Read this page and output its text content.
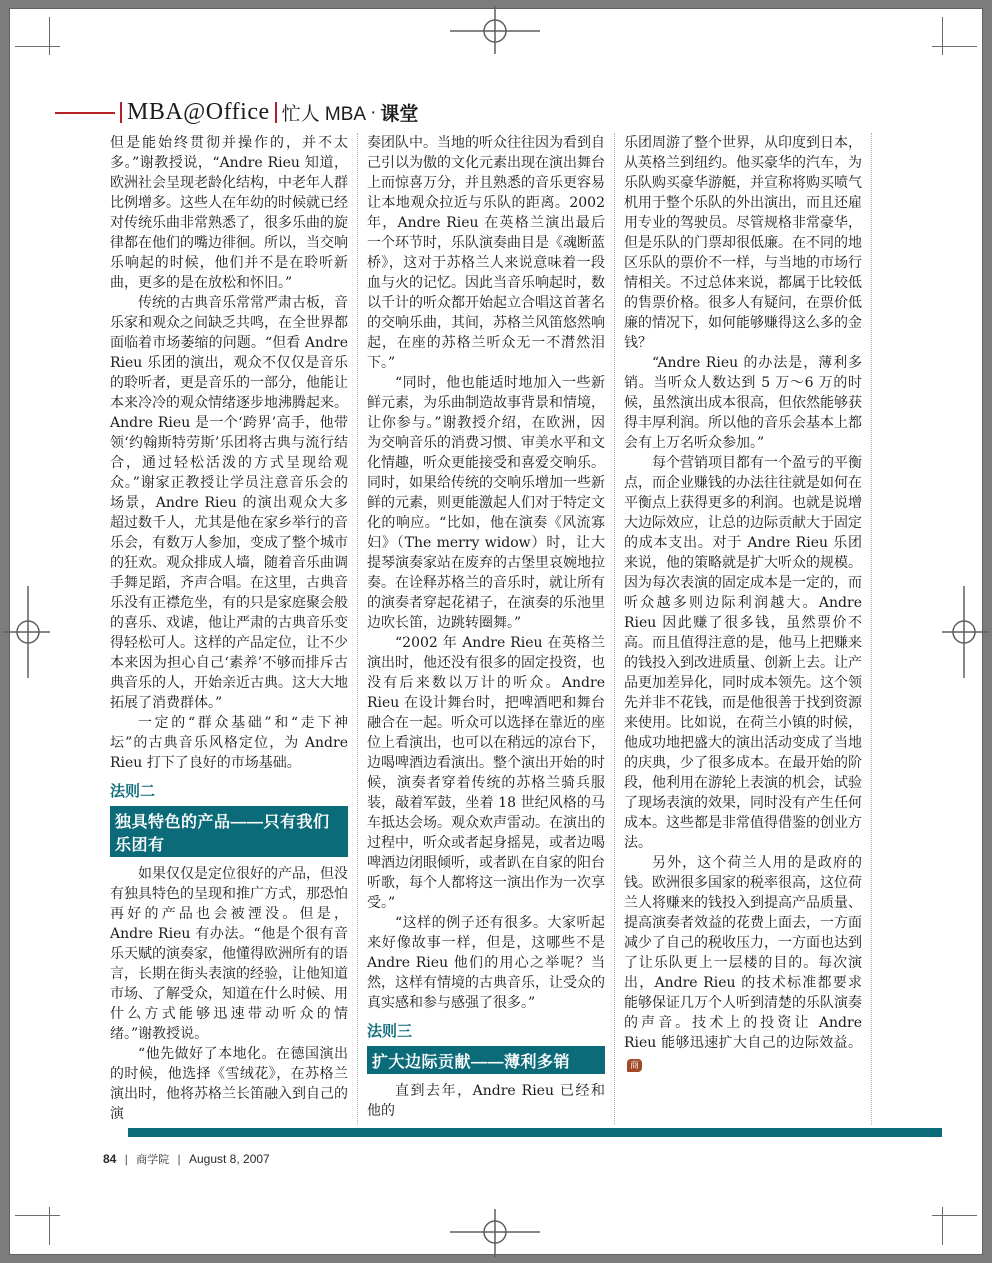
MBA@Office 忙人 MBA · 课堂
但是能始终贯彻并操作的，并不太多。”谢教授说，“Andre Rieu 知道，欧洲社会呈现老龄化结构，中老年人群比例增多。这些人在年幼的时候就已经对传统乐曲非常熟悉了，很多乐曲的旋律都在他们的嘴边徘徊。所以，当交响乐响起的时候，他们并不是在聆听新曲，更多的是在放松和怀旧。”
传统的古典音乐常常严肃古板，音乐家和观众之间缺乏共鸣，在全世界都面临着市场萎缩的问题。“但看 Andre Rieu 乐团的演出，观众不仅仅是音乐的聆听者，更是音乐的一部分，他能让本来冷冷的观众情绪逐步地沸腾起来。Andre Rieu 是一个‘跨界’高手，他带领‘约翰斯特劳斯’乐团将古典与流行结合，通过轻松活泼的方式呈现给观众。”谢家正教授让学员注意音乐会的场景，Andre Rieu 的演出观众大多超过数千人，尤其是他在家乡举行的音乐会，有数万人参加，变成了整个城市的狂欢。观众排成人墙，随着音乐曲调手舞足蹈，齐声合唱。在这里，古典音乐没有正襟危坐，有的只是家庭聚会般的喜乐、戏谑，他让严肃的古典音乐变得轻松可人。这样的产品定位，让不少本来因为担心自己‘素养’不够而排斥古典音乐的人，开始亲近古典。这大大地拓展了消费群体。”
一定的“群众基础”和“走下神坛”的古典音乐风格定位，为 Andre Rieu 打下了良好的市场基础。
法则二
独具特色的产品——只有我们乐团有
如果仅仅是定位很好的产品，但没有独具特色的呈现和推广方式，那恐怕再好的产品也会被湮没。但是，Andre Rieu 有办法。“他是个很有音乐天赋的演奏家，他懂得欧洲所有的语言，长期在街头表演的经验，让他知道市场、了解受众，知道在什么时候、用什么方式能够迅速带动听众的情绪。”谢教授说。
“他先做好了本地化。在德国演出的时候，他选择《雪绒花》，在苏格兰演出时，他将苏格兰长笛融入到自己的演
奏团队中。当地的听众往往因为看到自己引以为傲的文化元素出现在演出舞台上而惊喜万分，并且熟悉的音乐更容易让本地观众拉近与乐队的距离。2002 年，Andre Rieu 在英格兰演出最后一个环节时，乐队演奏曲目是《魂断蓝桥》，这对于苏格兰人来说意味着一段血与火的记忆。因此当音乐响起时，数以千计的听众都开始起立合唱这首著名的交响乐曲，其间，苏格兰风笛悠然响起，在座的苏格兰听众无一不潸然泪下。”
“同时，他也能适时地加入一些新鲜元素，为乐曲制造故事背景和情境，让你参与。”谢教授介绍，在欧洲，因为交响音乐的消费习惯、审美水平和文化情趣，听众更能接受和喜爱交响乐。同时，如果给传统的交响乐增加一些新鲜的元素，则更能激起人们对于特定文化的响应。“比如，他在演奏《风流寡妇》（The merry widow）时，让大提琴演奏家站在废弃的古堡里哀婉地拉奏。在诠释苏格兰的音乐时，就让所有的演奏者穿起花裙子，在演奏的乐池里边吹长笛，边跳转圈舞。”
“2002 年 Andre Rieu 在英格兰演出时，他还没有很多的固定投资，也没有后来数以万计的听众。Andre Rieu 在设计舞台时，把啤酒吧和舞台融合在一起。听众可以选择在靠近的座位上看演出，也可以在稍远的凉台下，边喝啤酒边看演出。整个演出开始的时候，演奏者穿着传统的苏格兰骑兵服装，敲着军鼓，坐着 18 世纪风格的马车抵达会场。观众欢声雷动。在演出的过程中，听众或者起身摇晃，或者边喝啤酒边闭眼倾听，或者趴在自家的阳台听歌，每个人都将这一演出作为一次享受。”
“这样的例子还有很多。大家听起来好像故事一样，但是，这哪些不是 Andre Rieu 他们的用心之举呢？当然，这样有情境的古典音乐，让受众的真实感和参与感强了很多。”
法则三
扩大边际贡献——薄利多销
直到去年，Andre Rieu 已经和他的
乐团周游了整个世界，从印度到日本，从英格兰到纽约。他买豪华的汽车，为乐队购买豪华游艇，并宣称将购买喷气机用于整个乐队的外出演出，而且还雇用专业的驾驶员。尽管规格非常豪华，但是乐队的门票却很低廉。在不同的地区乐队的票价不一样，与当地的市场行情相关。不过总体来说，都属于比较低的售票价格。很多人有疑问，在票价低廉的情况下，如何能够赚得这么多的金钱？
“Andre Rieu 的办法是，薄利多销。当听众人数达到 5 万～6 万的时候，虽然演出成本很高，但依然能够获得丰厚利润。所以他的音乐会基本上都会有上万名听众参加。”
每个营销项目都有一个盈亏的平衡点，而企业赚钱的办法往往就是如何在平衡点上获得更多的利润。也就是说增大边际效应，让总的边际贡献大于固定的成本支出。对于 Andre Rieu 乐团来说，他的策略就是扩大听众的规模。因为每次表演的固定成本是一定的，而听众越多则边际利润越大。Andre Rieu 因此赚了很多钱，虽然票价不高。而且值得注意的是，他马上把赚来的钱投入到改进质量、创新上去。让产品更加差异化，同时成本领先。这个领先并非不花钱，而是他很善于找到资源来使用。比如说，在荷兰小镇的时候，他成功地把盛大的演出活动变成了当地的庆典，少了很多成本。在最开始的阶段，他利用在游轮上表演的机会，试验了现场表演的效果，同时没有产生任何成本。这些都是非常值得借鉴的创业方法。
另外，这个荷兰人用的是政府的钱。欧洲很多国家的税率很高，这位荷兰人将赚来的钱投入到提高产品质量、提高演奏者效益的花费上面去，一方面减少了自己的税收压力，一方面也达到了让乐队更上一层楼的目的。每次演出，Andre Rieu 的技术标准都要求能够保证几万个人听到清楚的乐队演奏的声音。技术上的投资让 Andre Rieu 能够迅速扩大自己的边际效益。商
84 | 商学院 | August 8, 2007
